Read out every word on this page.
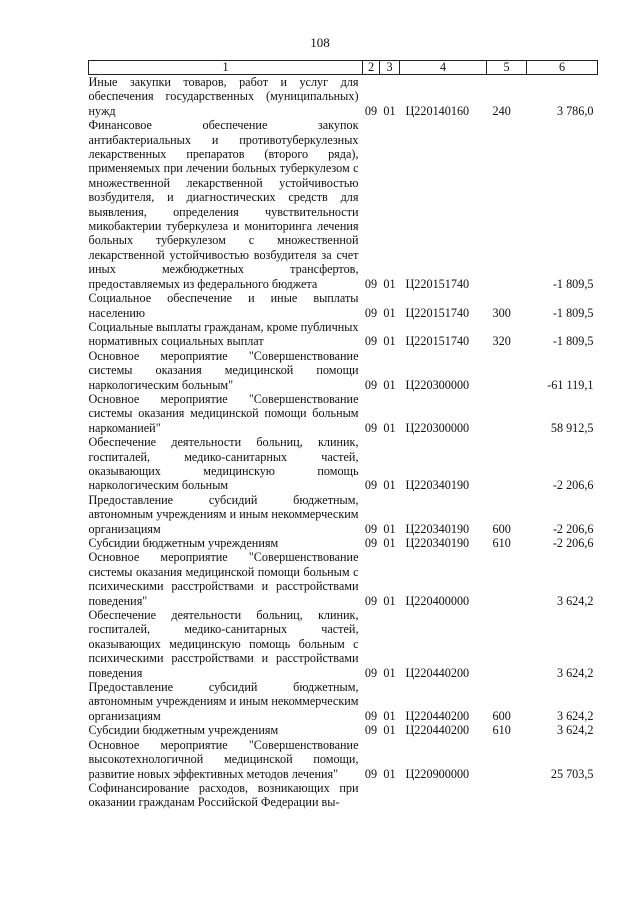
108
1	2	3	4	5	6
Иные закупки товаров, работ и услуг для обеспечения государственных (муниципальных) нужд	09	01	Ц220140160	240	3 786,0
Финансовое обеспечение закупок антибактериальных и противотуберкулезных лекарственных препаратов (второго ряда), применяемых при лечении больных туберкулезом с множественной лекарственной устойчивостью возбудителя, и диагностических средств для выявления, определения чувствительности микобактерии туберкулеза и мониторинга лечения больных туберкулезом с множественной лекарственной устойчивостью возбудителя за счет иных межбюджетных трансфертов, предоставляемых из федерального бюджета	09	01	Ц220151740		-1 809,5
Социальное обеспечение и иные выплаты населению	09	01	Ц220151740	300	-1 809,5
Социальные выплаты гражданам, кроме публичных нормативных социальных выплат	09	01	Ц220151740	320	-1 809,5
Основное мероприятие "Совершенствование системы оказания медицинской помощи наркологическим больным"	09	01	Ц220300000		-61 119,1
Основное мероприятие "Совершенствование системы оказания медицинской помощи больным наркоманией"	09	01	Ц220300000		58 912,5
Обеспечение деятельности больниц, клиник, госпиталей, медико-санитарных частей, оказывающих медицинскую помощь наркологическим больным	09	01	Ц220340190		-2 206,6
Предоставление субсидий бюджетным, автономным учреждениям и иным некоммерческим организациям	09	01	Ц220340190	600	-2 206,6
Субсидии бюджетным учреждениям	09	01	Ц220340190	610	-2 206,6
Основное мероприятие "Совершенствование системы оказания медицинской помощи больным с психическими расстройствами и расстройствами поведения"	09	01	Ц220400000		3 624,2
Обеспечение деятельности больниц, клиник, госпиталей, медико-санитарных частей, оказывающих медицинскую помощь больным с психическими расстройствами и расстройствами поведения	09	01	Ц220440200		3 624,2
Предоставление субсидий бюджетным, автономным учреждениям и иным некоммерческим организациям	09	01	Ц220440200	600	3 624,2
Субсидии бюджетным учреждениям	09	01	Ц220440200	610	3 624,2
Основное мероприятие "Совершенствование высокотехнологичной медицинской помощи, развитие новых эффективных методов лечения"	09	01	Ц220900000		25 703,5
Софинансирование расходов, возникающих при оказании гражданам Российской Федерации вы-					
